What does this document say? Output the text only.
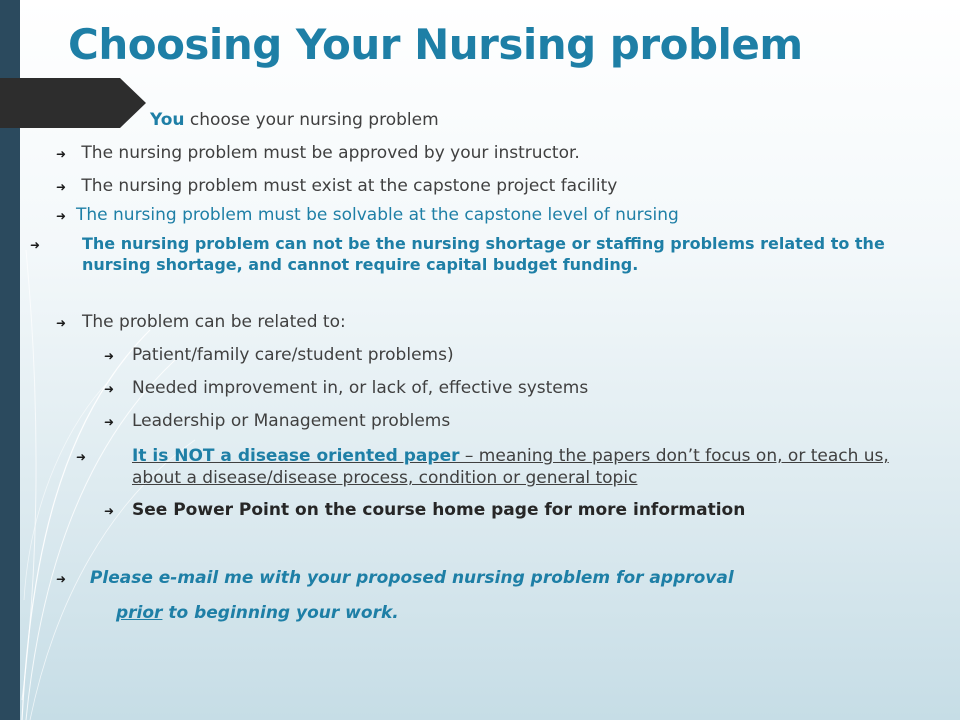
Choosing Your Nursing problem
You choose your nursing problem
➜ The nursing problem must be approved by your instructor.
➜ The nursing problem must exist at the capstone project facility
➜ The nursing problem must be solvable at the capstone level of nursing
➜	The nursing problem can not be the nursing shortage or staffing problems related to the nursing shortage, and cannot require capital budget funding.
➜ The problem can be related to:
➜ Patient/family care/student problems)
➜ Needed improvement in, or lack of, effective systems
➜ Leadership or Management problems
➜	It is NOT a disease oriented paper – meaning the papers don’t focus on, or teach us, about a disease/disease process, condition or general topic
➜ See Power Point on the course home page for more information
➜ Please e-mail me with your proposed nursing problem for approval
prior to beginning your work.
